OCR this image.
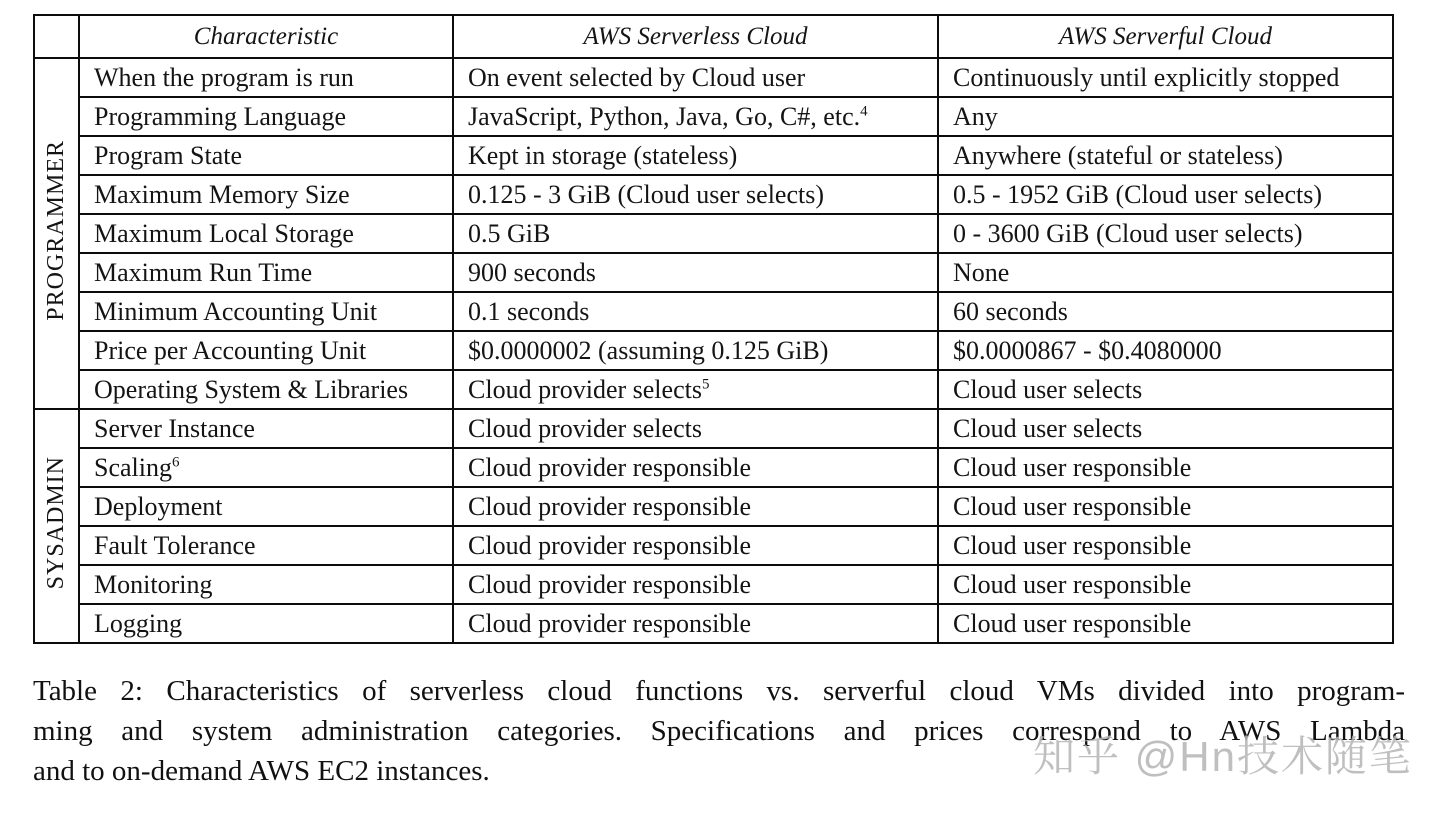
	Characteristic	AWS Serverless Cloud	AWS Serverful Cloud
PROGRAMMER	When the program is run	On event selected by Cloud user	Continuously until explicitly stopped
	Programming Language	JavaScript, Python, Java, Go, C#, etc.$^4$	Any
	Program State	Kept in storage (stateless)	Anywhere (stateful or stateless)
	Maximum Memory Size	0.125 - 3 GiB (Cloud user selects)	0.5 - 1952 GiB (Cloud user selects)
	Maximum Local Storage	0.5 GiB	0 - 3600 GiB (Cloud user selects)
	Maximum Run Time	900 seconds	None
	Minimum Accounting Unit	0.1 seconds	60 seconds
	Price per Accounting Unit	$0.0000002 (assuming 0.125 GiB)	$0.0000867 - $0.4080000
	Operating System & Libraries	Cloud provider selects$^5$	Cloud user selects
SYSADMIN	Server Instance	Cloud provider selects	Cloud user selects
	Scaling$^6$	Cloud provider responsible	Cloud user responsible
	Deployment	Cloud provider responsible	Cloud user responsible
	Fault Tolerance	Cloud provider responsible	Cloud user responsible
	Monitoring	Cloud provider responsible	Cloud user responsible
	Logging	Cloud provider responsible	Cloud user responsible
Table 2: Characteristics of serverless cloud functions vs. serverful cloud VMs divided into program-
ming and system administration categories. Specifications and prices correspond to AWS Lambda
and to on-demand AWS EC2 instances.	知乎 @Hn技术随笔
